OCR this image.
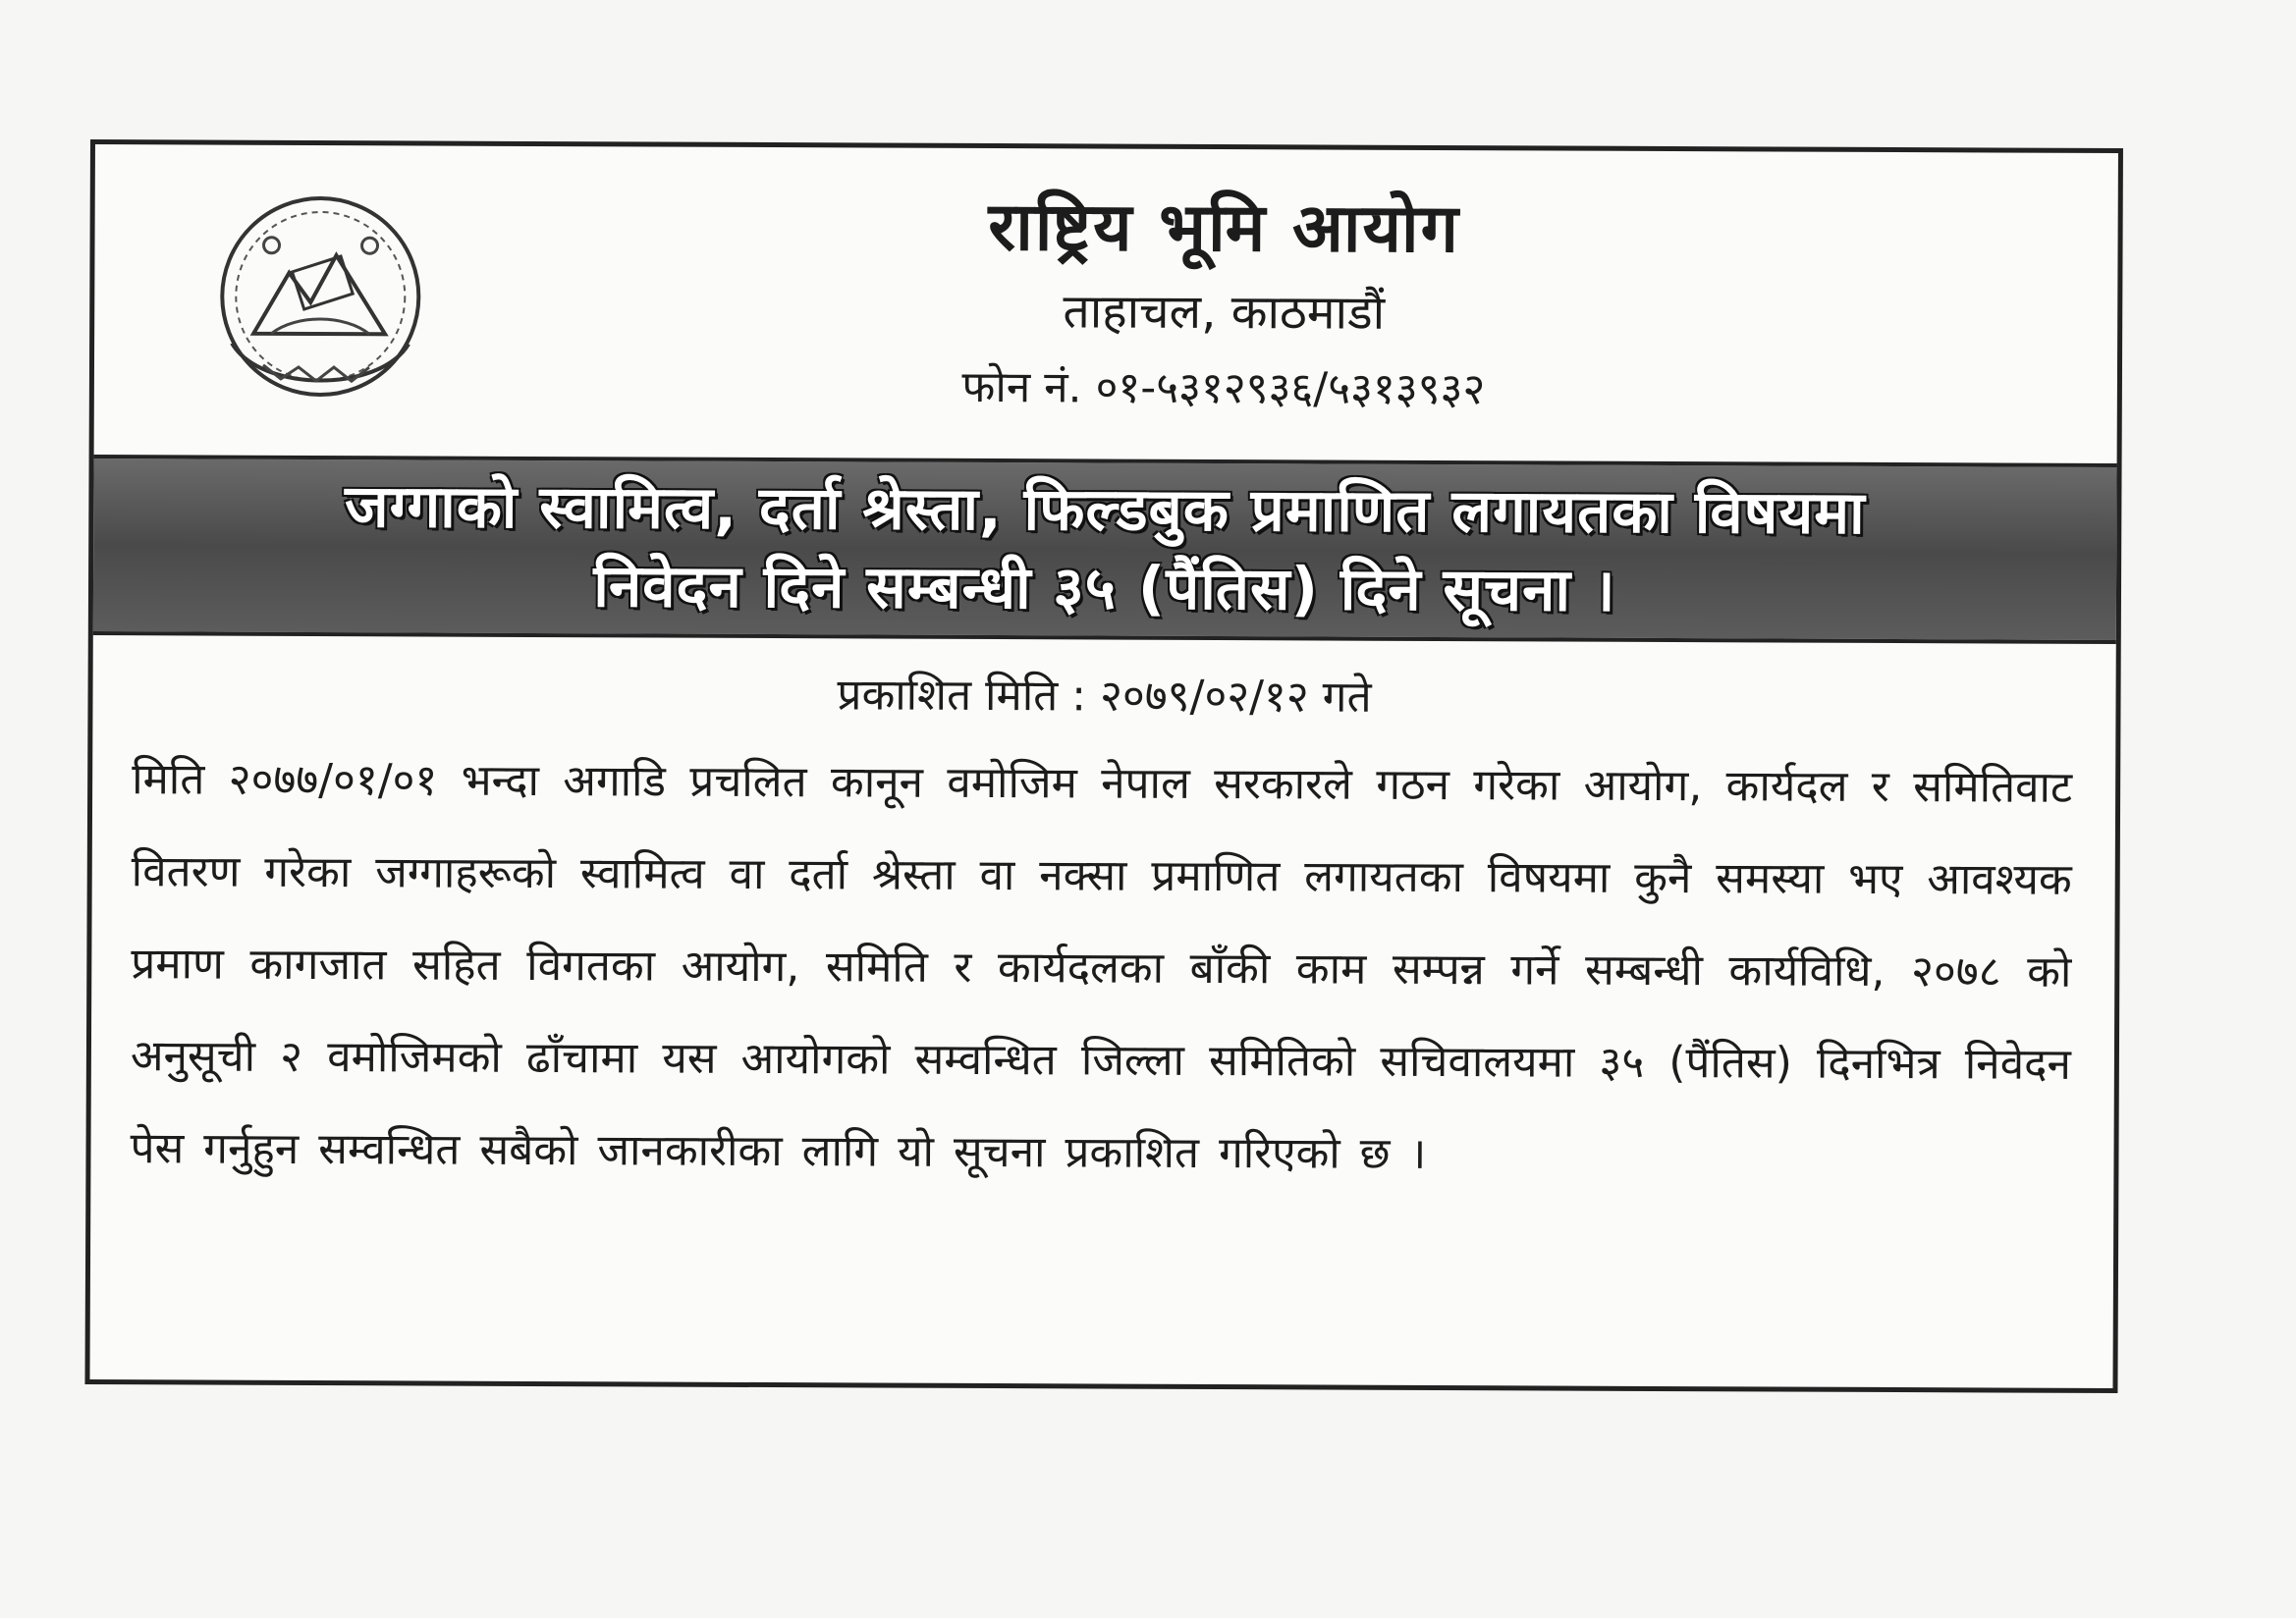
राष्ट्रिय भूमि आयोग
ताहाचल, काठमाडौं
फोन नं. ०१-५३१२९३६/५३१३९३२
जग्गाको स्वामित्व, दर्ता श्रेस्ता, फिल्डबुक प्रमाणित लगायतका विषयमा
निवेदन दिने सम्बन्धी ३५ (पैंतिस) दिने सूचना ।
प्रकाशित मिति : २०७९/०२/१२ गते
मिति २०७७/०१/०१ भन्दा अगाडि प्रचलित कानून वमोजिम नेपाल सरकारले गठन गरेका आयोग, कार्यदल र समितिवाट वितरण गरेका जग्गाहरूको स्वामित्व वा दर्ता श्रेस्ता वा नक्सा प्रमाणित लगायतका विषयमा कुनै समस्या भए आवश्यक प्रमाण कागजात सहित विगतका आयोग, समिति र कार्यदलका बाँकी काम सम्पन्न गर्ने सम्बन्धी कार्यविधि, २०७८ को अनुसूची २ वमोजिमको ढाँचामा यस आयोगको सम्वन्धित जिल्ला समितिको सचिवालयमा ३५ (पैंतिस) दिनभित्र निवेदन पेस गर्नुहुन सम्वन्धित सबैको जानकारीका लागि यो सूचना प्रकाशित गरिएको छ ।
